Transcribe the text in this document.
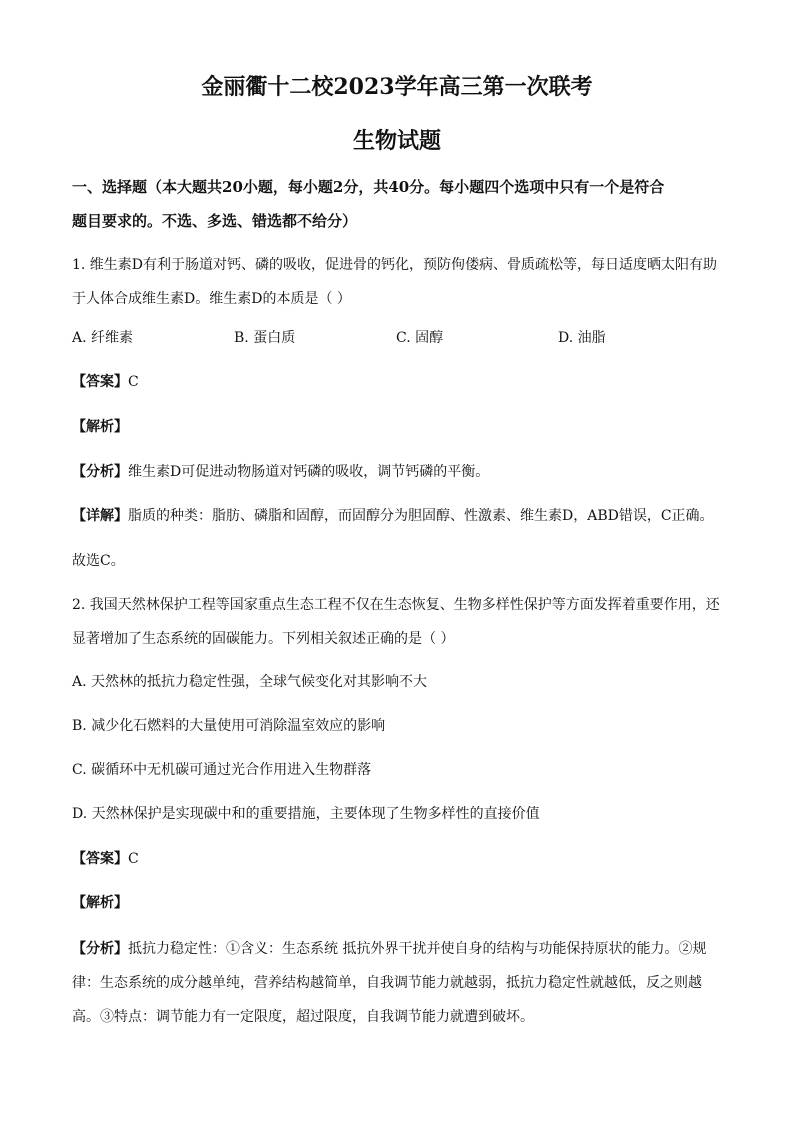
金丽衢十二校2023学年高三第一次联考
生物试题
一、选择题（本大题共20小题，每小题2分，共40分。每小题四个选项中只有一个是符合
题目要求的。不选、多选、错选都不给分）
1. 维生素D有利于肠道对钙、磷的吸收，促进骨的钙化，预防佝偻病、骨质疏松等，每日适度晒太阳有助
于人体合成维生素D。维生素D的本质是（ ）
A. 纤维素	B. 蛋白质	C. 固醇	D. 油脂
【答案】C
【解析】
【分析】维生素D可促进动物肠道对钙磷的吸收，调节钙磷的平衡。
【详解】脂质的种类：脂肪、磷脂和固醇，而固醇分为胆固醇、性激素、维生素D，ABD错误，C正确。
故选C。
2. 我国天然林保护工程等国家重点生态工程不仅在生态恢复、生物多样性保护等方面发挥着重要作用，还
显著增加了生态系统的固碳能力。下列相关叙述正确的是（ ）
A. 天然林的抵抗力稳定性强，全球气候变化对其影响不大
B. 减少化石燃料的大量使用可消除温室效应的影响
C. 碳循环中无机碳可通过光合作用进入生物群落
D. 天然林保护是实现碳中和的重要措施，主要体现了生物多样性的直接价值
【答案】C
【解析】
【分析】抵抗力稳定性：①含义：生态系统 抵抗外界干扰并使自身的结构与功能保持原状的能力。②规
律：生态系统的成分越单纯，营养结构越简单，自我调节能力就越弱，抵抗力稳定性就越低，反之则越
高。③特点：调节能力有一定限度，超过限度，自我调节能力就遭到破坏。
